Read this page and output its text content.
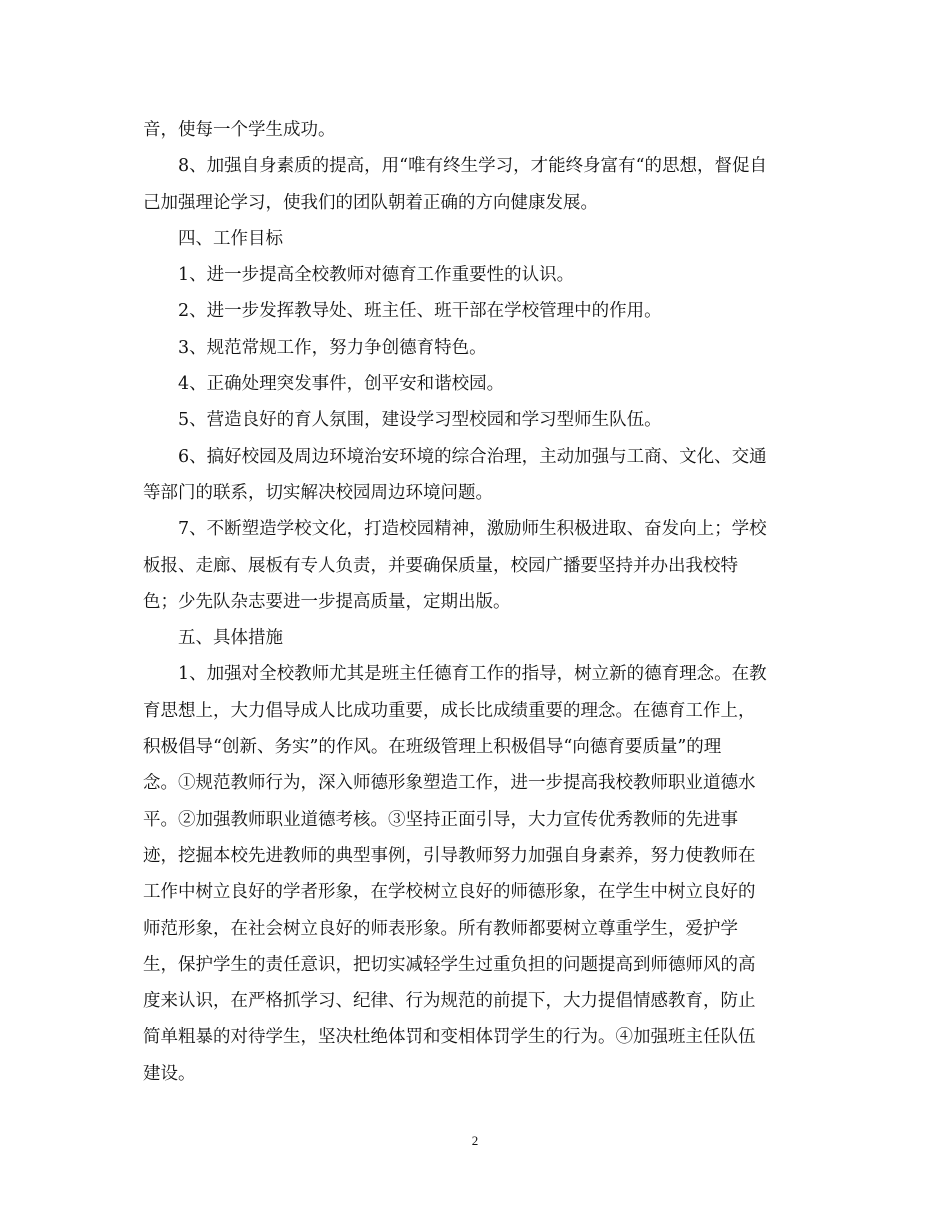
音，使每一个学生成功。
8、加强自身素质的提高，用“唯有终生学习，才能终身富有“的思想，督促自
己加强理论学习，使我们的团队朝着正确的方向健康发展。
四、工作目标
1、进一步提高全校教师对德育工作重要性的认识。
2、进一步发挥教导处、班主任、班干部在学校管理中的作用。
3、规范常规工作，努力争创德育特色。
4、正确处理突发事件，创平安和谐校园。
5、营造良好的育人氛围，建设学习型校园和学习型师生队伍。
6、搞好校园及周边环境治安环境的综合治理，主动加强与工商、文化、交通
等部门的联系，切实解决校园周边环境问题。
7、不断塑造学校文化，打造校园精神，激励师生积极进取、奋发向上；学校
板报、走廊、展板有专人负责，并要确保质量，校园广播要坚持并办出我校特
色；少先队杂志要进一步提高质量，定期出版。
五、具体措施
1、加强对全校教师尤其是班主任德育工作的指导，树立新的德育理念。在教
育思想上，大力倡导成人比成功重要，成长比成绩重要的理念。在德育工作上，
积极倡导“创新、务实”的作风。在班级管理上积极倡导“向德育要质量”的理
念。①规范教师行为，深入师德形象塑造工作，进一步提高我校教师职业道德水
平。②加强教师职业道德考核。③坚持正面引导，大力宣传优秀教师的先进事
迹，挖掘本校先进教师的典型事例，引导教师努力加强自身素养，努力使教师在
工作中树立良好的学者形象，在学校树立良好的师德形象，在学生中树立良好的
师范形象，在社会树立良好的师表形象。所有教师都要树立尊重学生，爱护学
生，保护学生的责任意识，把切实减轻学生过重负担的问题提高到师德师风的高
度来认识，在严格抓学习、纪律、行为规范的前提下，大力提倡情感教育，防止
简单粗暴的对待学生，坚决杜绝体罚和变相体罚学生的行为。④加强班主任队伍
建设。
2
